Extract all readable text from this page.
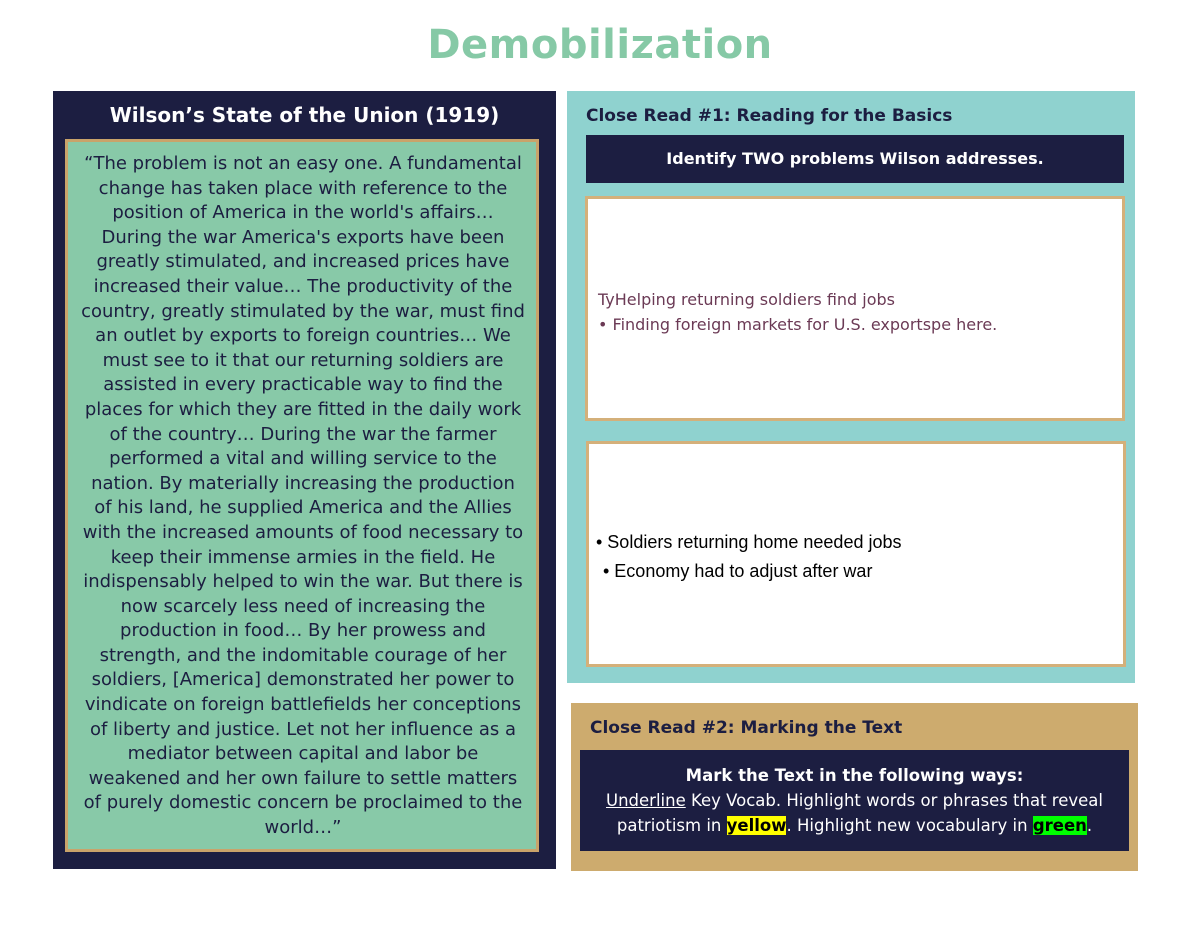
Demobilization
Wilson’s State of the Union (1919)
“The problem is not an easy one. A fundamental
change has taken place with reference to the
position of America in the world's affairs…
During the war America's exports have been
greatly stimulated, and increased prices have
increased their value… The productivity of the
country, greatly stimulated by the war, must find
an outlet by exports to foreign countries… We
must see to it that our returning soldiers are
assisted in every practicable way to find the
places for which they are fitted in the daily work
of the country… During the war the farmer
performed a vital and willing service to the
nation. By materially increasing the production
of his land, he supplied America and the Allies
with the increased amounts of food necessary to
keep their immense armies in the field. He
indispensably helped to win the war. But there is
now scarcely less need of increasing the
production in food… By her prowess and
strength, and the indomitable courage of her
soldiers, [America] demonstrated her power to
vindicate on foreign battlefields her conceptions
of liberty and justice. Let not her influence as a
mediator between capital and labor be
weakened and her own failure to settle matters
of purely domestic concern be proclaimed to the
world…”
Close Read #1: Reading for the Basics
Identify TWO problems Wilson addresses.
TyHelping returning soldiers find jobs
• Finding foreign markets for U.S. exportspe here.
• Soldiers returning home needed jobs
• Economy had to adjust after war
Close Read #2: Marking the Text
Mark the Text in the following ways:
Underline Key Vocab. Highlight words or phrases that reveal
patriotism in yellow. Highlight new vocabulary in green.
